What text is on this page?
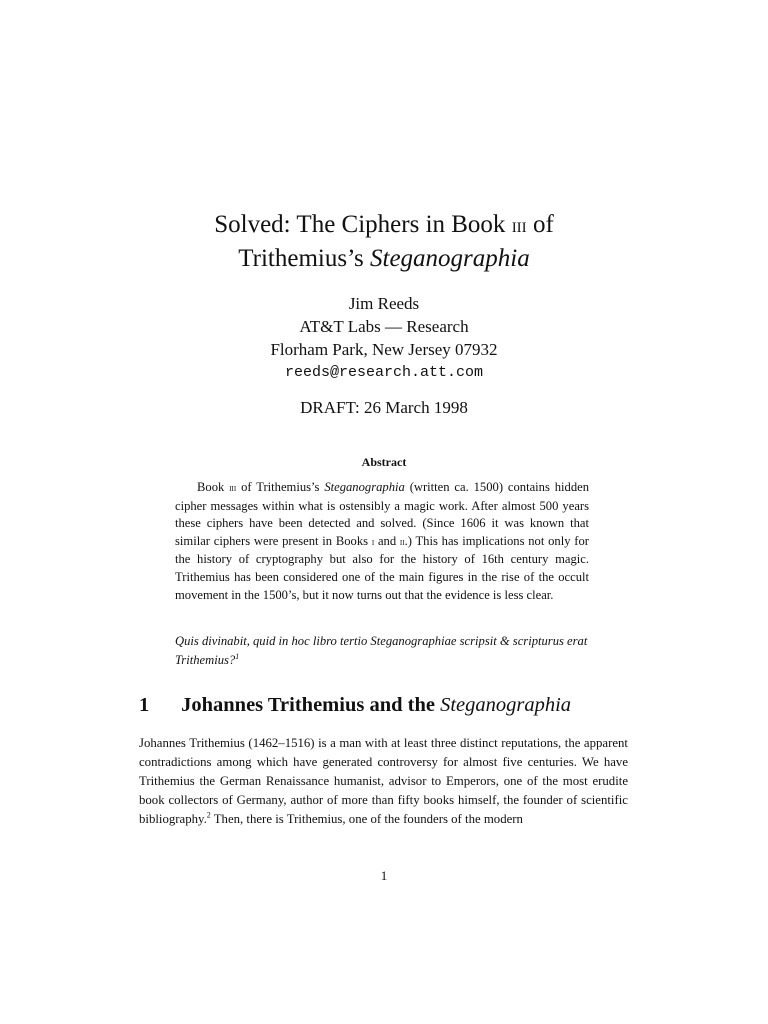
Solved: The Ciphers in Book iii of
Trithemius’s Steganographia
Jim Reeds
AT&T Labs — Research
Florham Park, New Jersey 07932
reeds@research.att.com
DRAFT: 26 March 1998
Abstract
Book iii of Trithemius’s Steganographia (written ca. 1500) contains hidden cipher messages within what is ostensibly a magic work. After almost 500 years these ciphers have been detected and solved. (Since 1606 it was known that similar ciphers were present in Books i and ii.) This has implications not only for the history of cryptography but also for the history of 16th century magic. Trithemius has been considered one of the main figures in the rise of the occult movement in the 1500’s, but it now turns out that the evidence is less clear.
Quis divinabit, quid in hoc libro tertio Steganographiae scripsit & scripturus erat Trithemius?$^1$
1 Johannes Trithemius and the Steganographia
Johannes Trithemius (1462–1516) is a man with at least three distinct reputations, the apparent contradictions among which have generated controversy for almost five centuries. We have Trithemius the German Renaissance humanist, advisor to Emperors, one of the most erudite book collectors of Germany, author of more than fifty books himself, the founder of scientific bibliography.$^2$ Then, there is Trithemius, one of the founders of the modern
1
